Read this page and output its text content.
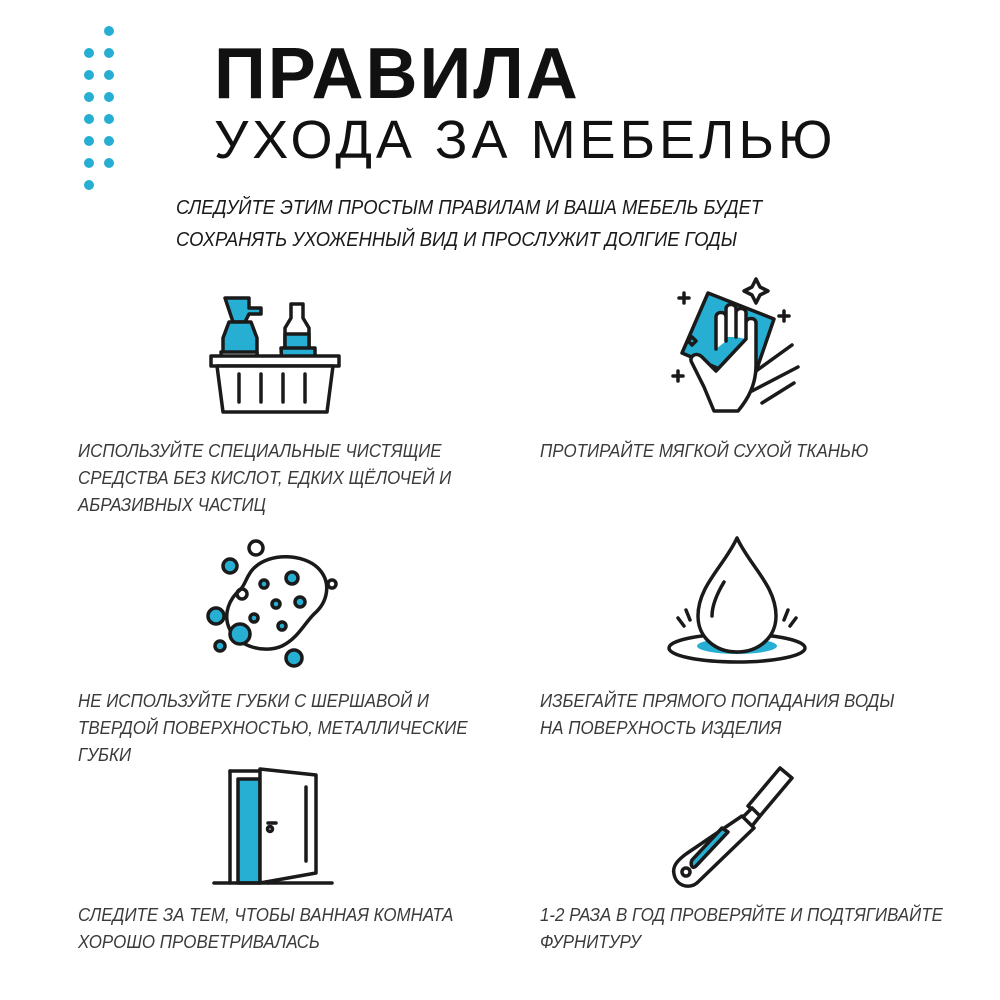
ПРАВИЛА
УХОДА ЗА МЕБЕЛЬЮ

СЛЕДУЙТЕ ЭТИМ ПРОСТЫМ ПРАВИЛАМ И ВАША МЕБЕЛЬ БУДЕТ
СОХРАНЯТЬ УХОЖЕННЫЙ ВИД И ПРОСЛУЖИТ ДОЛГИЕ ГОДЫ

ИСПОЛЬЗУЙТЕ СПЕЦИАЛЬНЫЕ ЧИСТЯЩИЕ
СРЕДСТВА БЕЗ КИСЛОТ, ЕДКИХ ЩЁЛОЧЕЙ И
АБРАЗИВНЫХ ЧАСТИЦ

ПРОТИРАЙТЕ МЯГКОЙ СУХОЙ ТКАНЬЮ

НЕ ИСПОЛЬЗУЙТЕ ГУБКИ С ШЕРШАВОЙ И
ТВЕРДОЙ ПОВЕРХНОСТЬЮ, МЕТАЛЛИЧЕСКИЕ
ГУБКИ

ИЗБЕГАЙТЕ ПРЯМОГО ПОПАДАНИЯ ВОДЫ
НА ПОВЕРХНОСТЬ ИЗДЕЛИЯ

СЛЕДИТЕ ЗА ТЕМ, ЧТОБЫ ВАННАЯ КОМНАТА
ХОРОШО ПРОВЕТРИВАЛАСЬ

1-2 РАЗА В ГОД ПРОВЕРЯЙТЕ И ПОДТЯГИВАЙТЕ
ФУРНИТУРУ
